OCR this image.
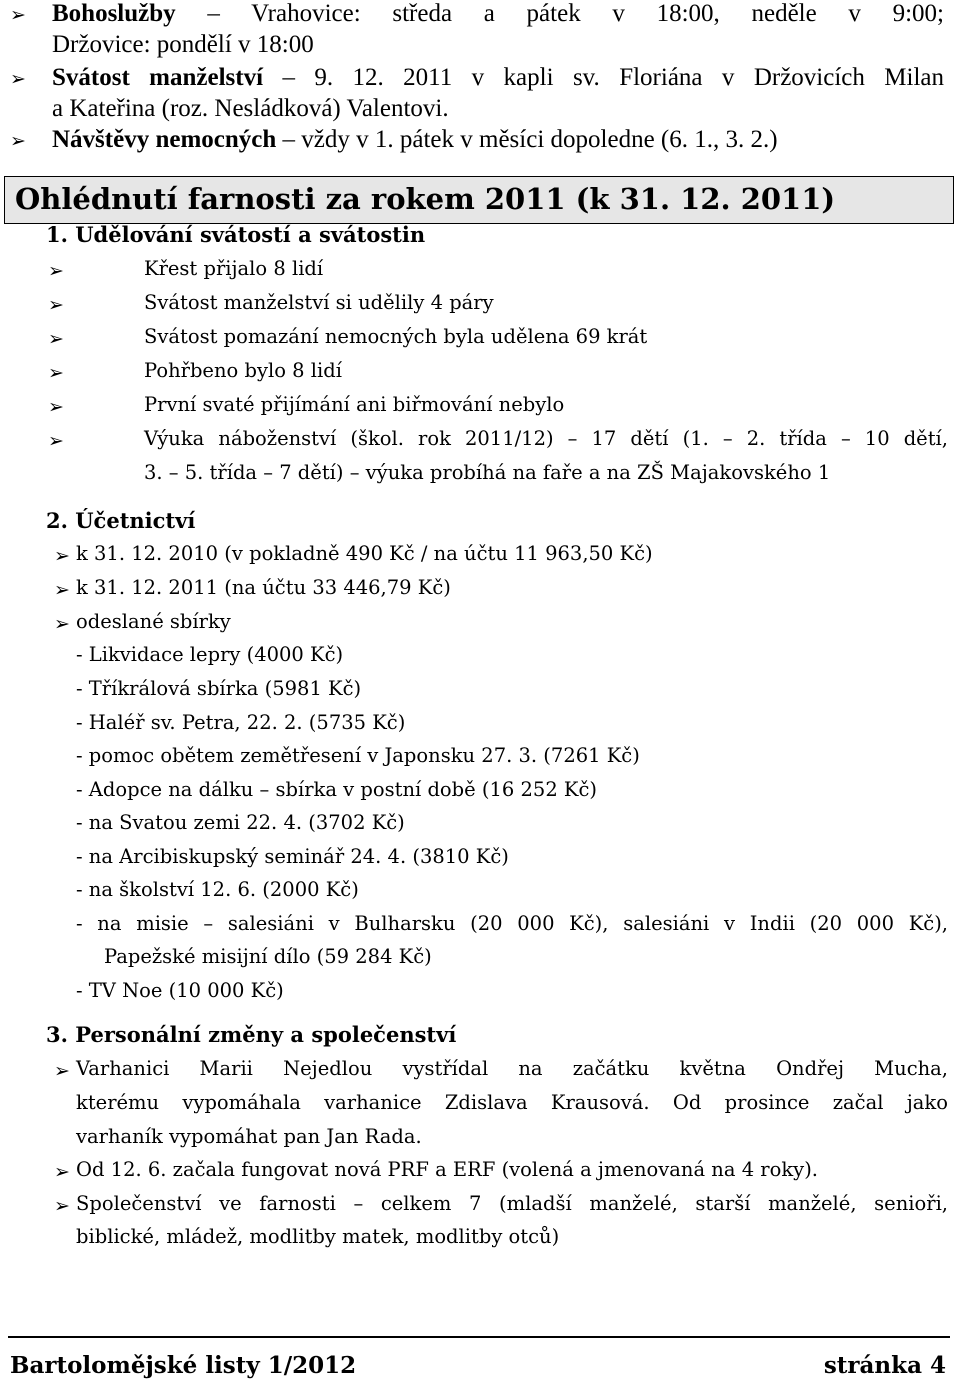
➢ Bohoslužby – Vrahovice: středa a pátek v 18:00, neděle v 9:00;
Držovice: pondělí v 18:00
➢ Svátost manželství – 9. 12. 2011 v kapli sv. Floriána v Držovicích Milan
a Kateřina (roz. Nesládková) Valentovi.
➢ Návštěvy nemocných – vždy v 1. pátek v měsíci dopoledne (6. 1., 3. 2.)
Ohlédnutí farnosti za rokem 2011 (k 31. 12. 2011)
1. Udělování svátostí a svátostin
➢	Křest přijalo 8 lidí
➢	Svátost manželství si udělily 4 páry
➢	Svátost pomazání nemocných byla udělena 69 krát
➢	Pohřbeno bylo 8 lidí
➢	První svaté přijímání ani biřmování nebylo
➢	Výuka náboženství (škol. rok 2011/12) – 17 dětí (1. – 2. třída – 10 dětí,
3. – 5. třída – 7 dětí) – výuka probíhá na faře a na ZŠ Majakovského 1
2. Účetnictví
➢ k 31. 12. 2010 (v pokladně 490 Kč / na účtu 11 963,50 Kč)
➢ k 31. 12. 2011 (na účtu 33 446,79 Kč)
➢ odeslané sbírky
- Likvidace lepry (4000 Kč)
- Tříkrálová sbírka (5981 Kč)
- Haléř sv. Petra, 22. 2. (5735 Kč)
- pomoc obětem zemětřesení v Japonsku 27. 3. (7261 Kč)
- Adopce na dálku – sbírka v postní době (16 252 Kč)
- na Svatou zemi 22. 4. (3702 Kč)
- na Arcibiskupský seminář 24. 4. (3810 Kč)
- na školství 12. 6. (2000 Kč)
- na misie – salesiáni v Bulharsku (20 000 Kč), salesiáni v Indii (20 000 Kč),
Papežské misijní dílo (59 284 Kč)
- TV Noe (10 000 Kč)
3. Personální změny a společenství
➢ Varhanici Marii Nejedlou vystřídal na začátku května Ondřej Mucha,
kterému vypomáhala varhanice Zdislava Krausová. Od prosince začal jako
varhaník vypomáhat pan Jan Rada.
➢ Od 12. 6. začala fungovat nová PRF a ERF (volená a jmenovaná na 4 roky).
➢ Společenství ve farnosti – celkem 7 (mladší manželé, starší manželé, senioři,
biblické, mládež, modlitby matek, modlitby otců)
Bartolomějské listy 1/2012	stránka 4
